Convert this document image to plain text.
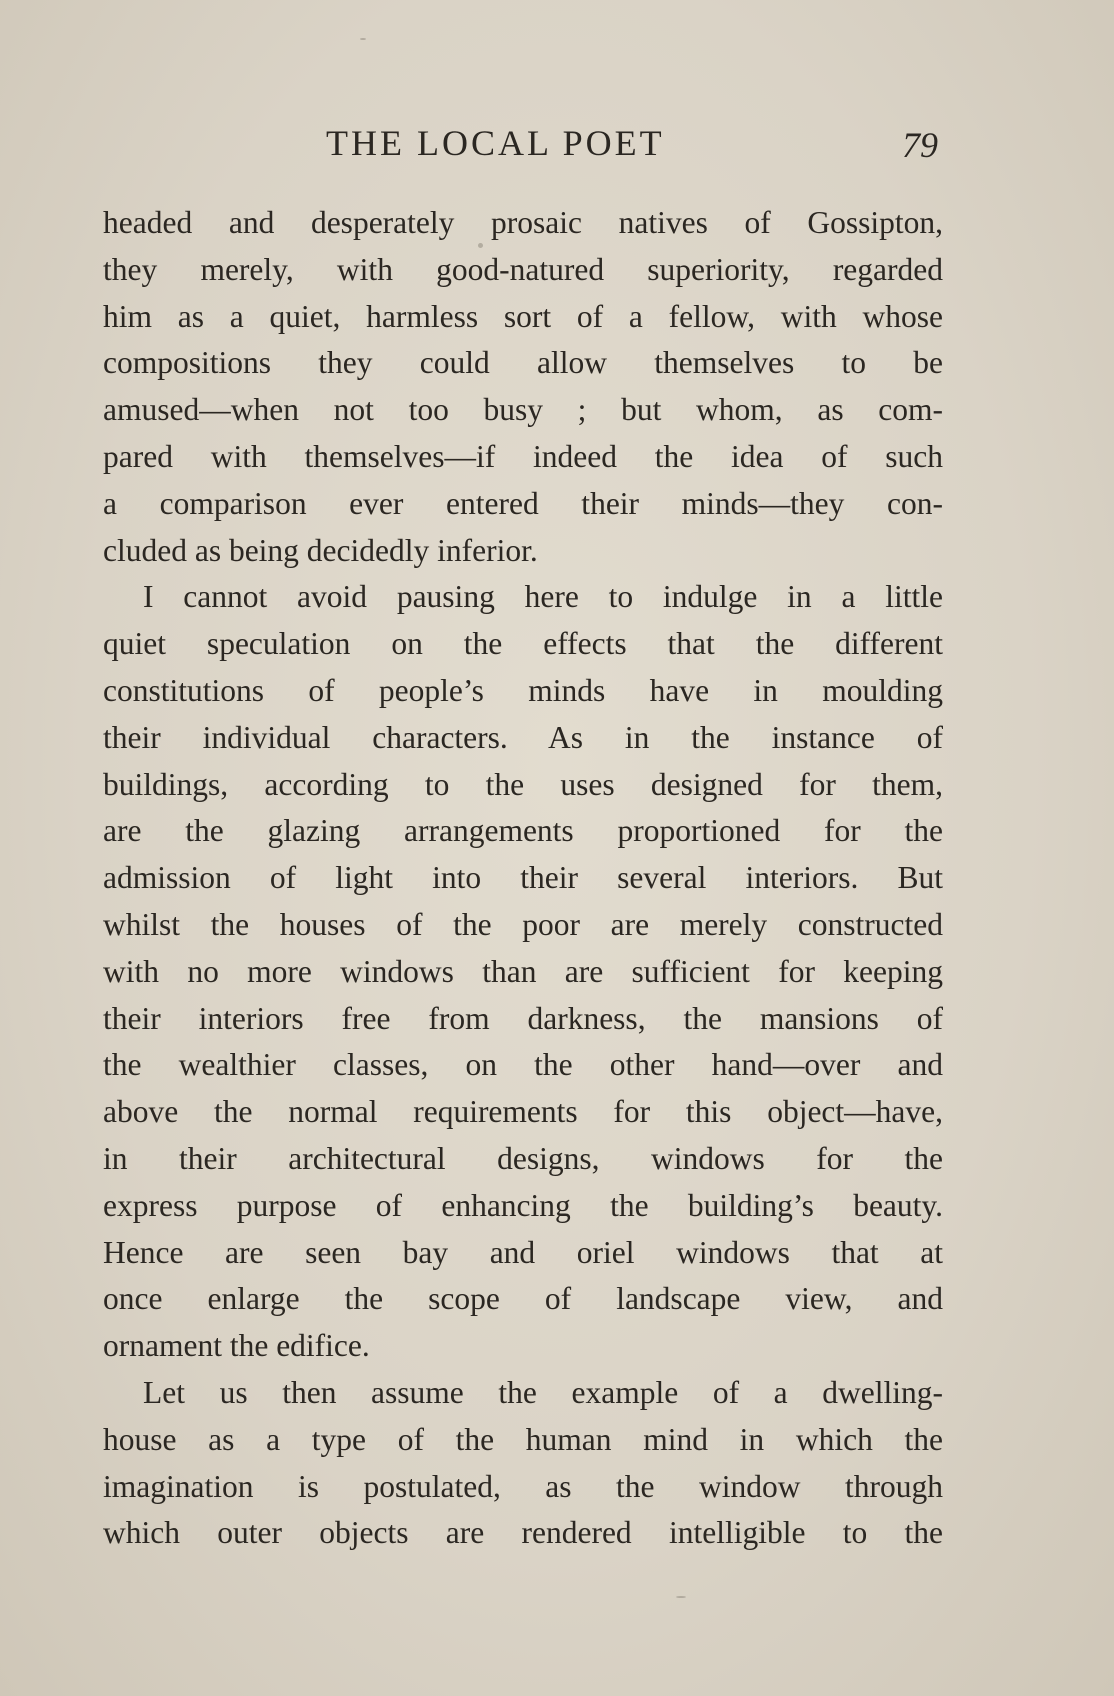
THE LOCAL POET	79
headed and desperately prosaic natives of Gossipton,
they merely, with good-natured superiority, regarded
him as a quiet, harmless sort of a fellow, with whose
compositions they could allow themselves to be
amused—when not too busy ; but whom, as com-
pared with themselves—if indeed the idea of such
a comparison ever entered their minds—they con-
cluded as being decidedly inferior.
I cannot avoid pausing here to indulge in a little
quiet speculation on the effects that the different
constitutions of people’s minds have in moulding
their individual characters. As in the instance of
buildings, according to the uses designed for them,
are the glazing arrangements proportioned for the
admission of light into their several interiors. But
whilst the houses of the poor are merely constructed
with no more windows than are sufficient for keeping
their interiors free from darkness, the mansions of
the wealthier classes, on the other hand—over and
above the normal requirements for this object—have,
in their architectural designs, windows for the
express purpose of enhancing the building’s beauty.
Hence are seen bay and oriel windows that at
once enlarge the scope of landscape view, and
ornament the edifice.
Let us then assume the example of a dwelling-
house as a type of the human mind in which the
imagination is postulated, as the window through
which outer objects are rendered intelligible to the
